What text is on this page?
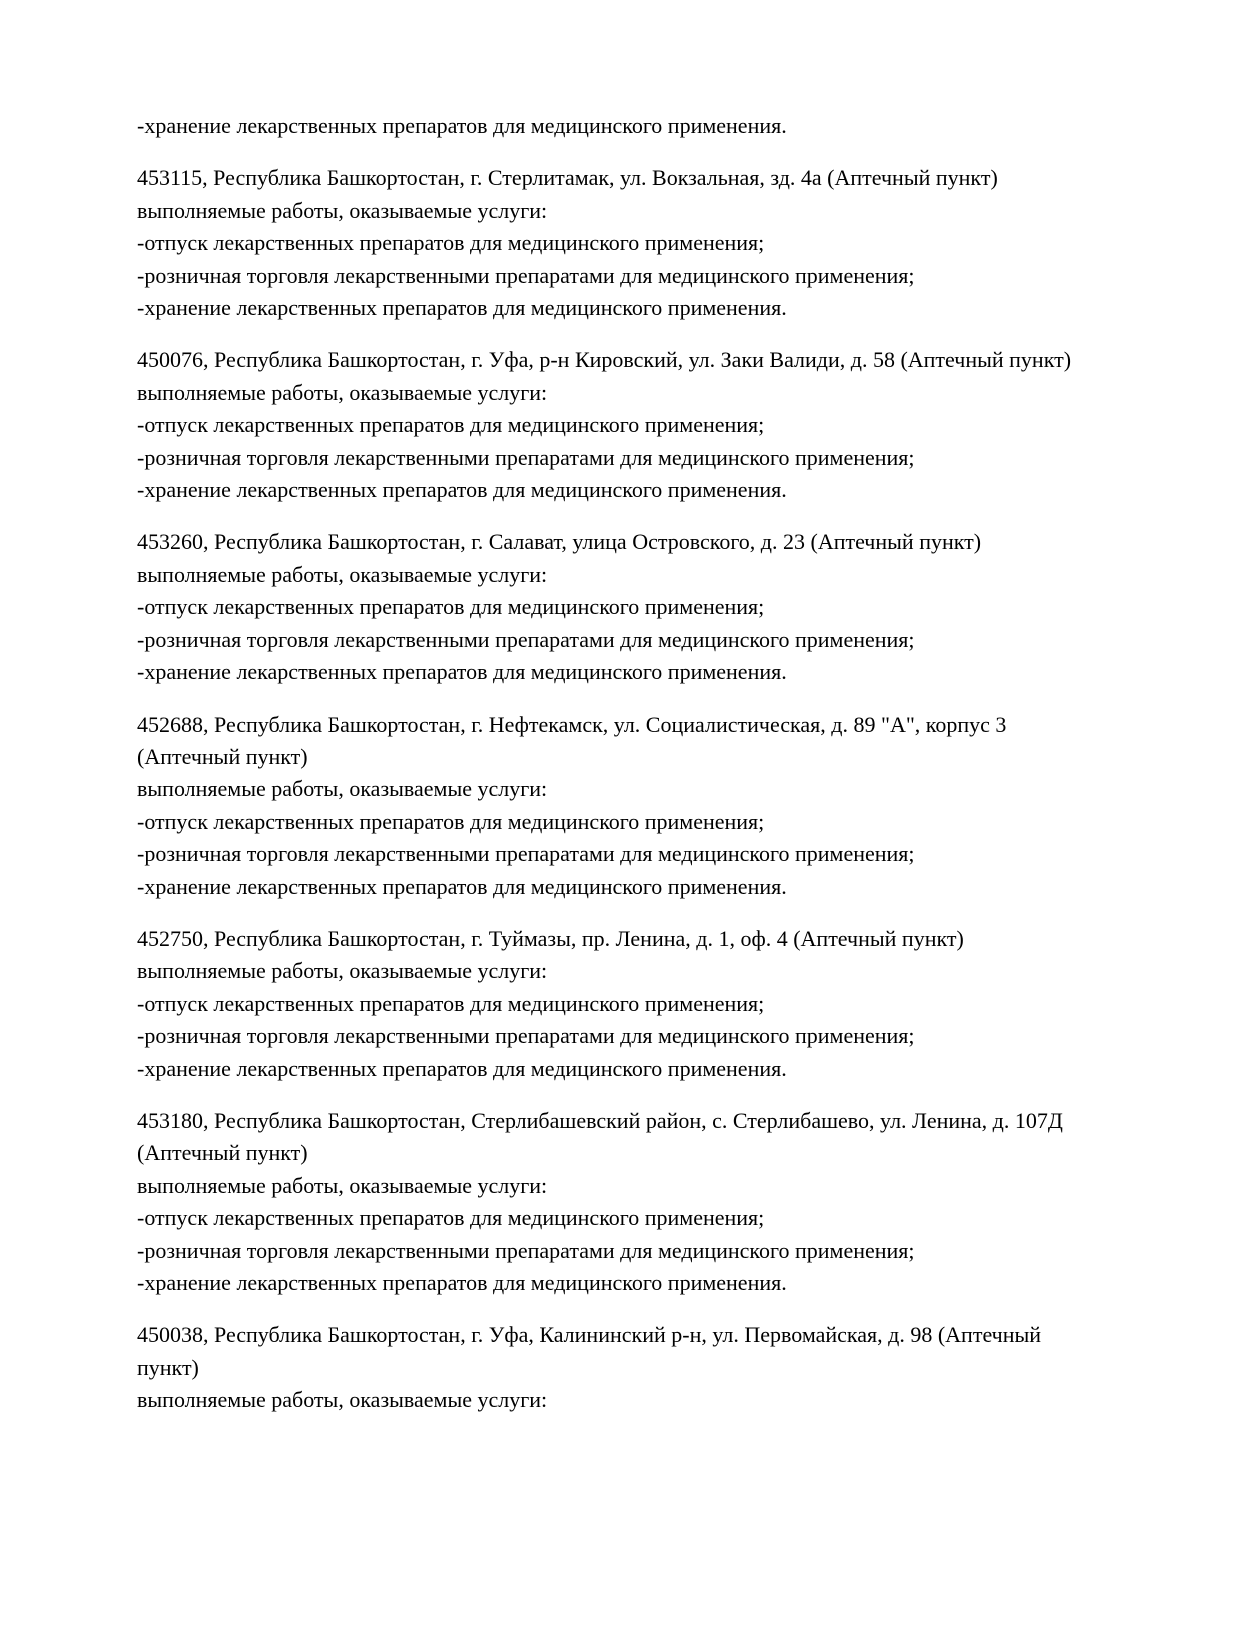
-хранение лекарственных препаратов для медицинского применения.

453115, Республика Башкортостан, г. Стерлитамак, ул. Вокзальная, зд. 4а (Аптечный пункт)

выполняемые работы, оказываемые услуги:

-отпуск лекарственных препаратов для медицинского применения;

-розничная торговля лекарственными препаратами для медицинского применения;

-хранение лекарственных препаратов для медицинского применения.

450076, Республика Башкортостан, г. Уфа, р-н Кировский, ул. Заки Валиди, д. 58 (Аптечный пункт)

выполняемые работы, оказываемые услуги:

-отпуск лекарственных препаратов для медицинского применения;

-розничная торговля лекарственными препаратами для медицинского применения;

-хранение лекарственных препаратов для медицинского применения.

453260, Республика Башкортостан, г. Салават, улица Островского, д. 23 (Аптечный пункт)

выполняемые работы, оказываемые услуги:

-отпуск лекарственных препаратов для медицинского применения;

-розничная торговля лекарственными препаратами для медицинского применения;

-хранение лекарственных препаратов для медицинского применения.

452688, Республика Башкортостан, г. Нефтекамск, ул. Социалистическая, д. 89 "А", корпус 3 (Аптечный пункт)

выполняемые работы, оказываемые услуги:

-отпуск лекарственных препаратов для медицинского применения;

-розничная торговля лекарственными препаратами для медицинского применения;

-хранение лекарственных препаратов для медицинского применения.

452750, Республика Башкортостан, г. Туймазы, пр. Ленина, д. 1, оф. 4 (Аптечный пункт)

выполняемые работы, оказываемые услуги:

-отпуск лекарственных препаратов для медицинского применения;

-розничная торговля лекарственными препаратами для медицинского применения;

-хранение лекарственных препаратов для медицинского применения.

453180, Республика Башкортостан, Стерлибашевский район, с. Стерлибашево, ул. Ленина, д. 107Д (Аптечный пункт)

выполняемые работы, оказываемые услуги:

-отпуск лекарственных препаратов для медицинского применения;

-розничная торговля лекарственными препаратами для медицинского применения;

-хранение лекарственных препаратов для медицинского применения.

450038, Республика Башкортостан, г. Уфа, Калининский р-н, ул. Первомайская, д. 98 (Аптечный пункт)

выполняемые работы, оказываемые услуги:
